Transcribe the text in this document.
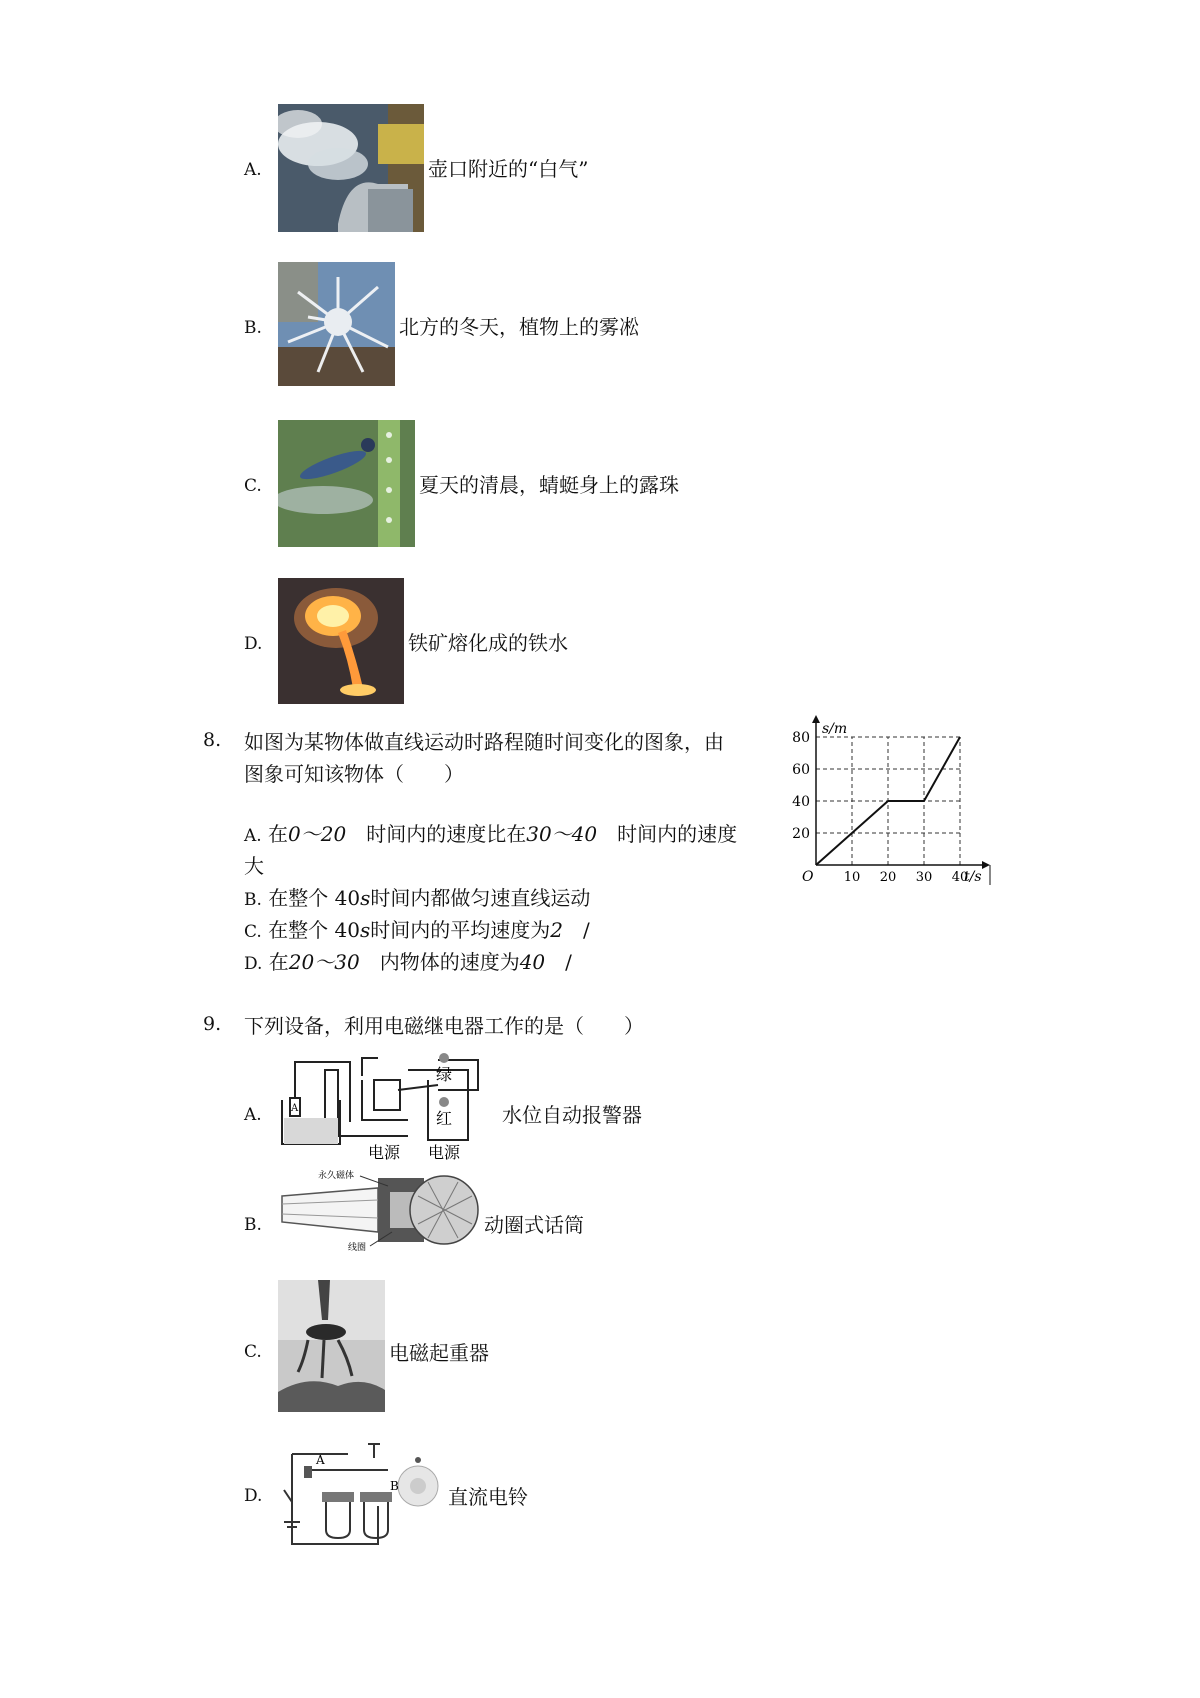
A.	壶口附近的“白气”
B.	北方的冬天，植物上的雾凇
C.	夏天的清晨，蜻蜓身上的露珠
D.	铁矿熔化成的铁水
8. 如图为某物体做直线运动时路程随时间变化的图象，由
图象可知该物体（　　）
A. 在0～20　时间内的速度比在30～40　时间内的速度
大
B. 在整个 40s时间内都做匀速直线运动
C. 在整个 40s时间内的平均速度为2　/
D. 在20～30　内物体的速度为40　/
10 20 30 40
20
40
60
80
s/m
t/s
O
9. 下列设备，利用电磁继电器工作的是（　　）
A.
绿
红
A
电源 电源
水位自动报警器
B.
永久磁体
线圈
动圈式话筒
C.	电磁起重器
D.
A
B 直流电铃
